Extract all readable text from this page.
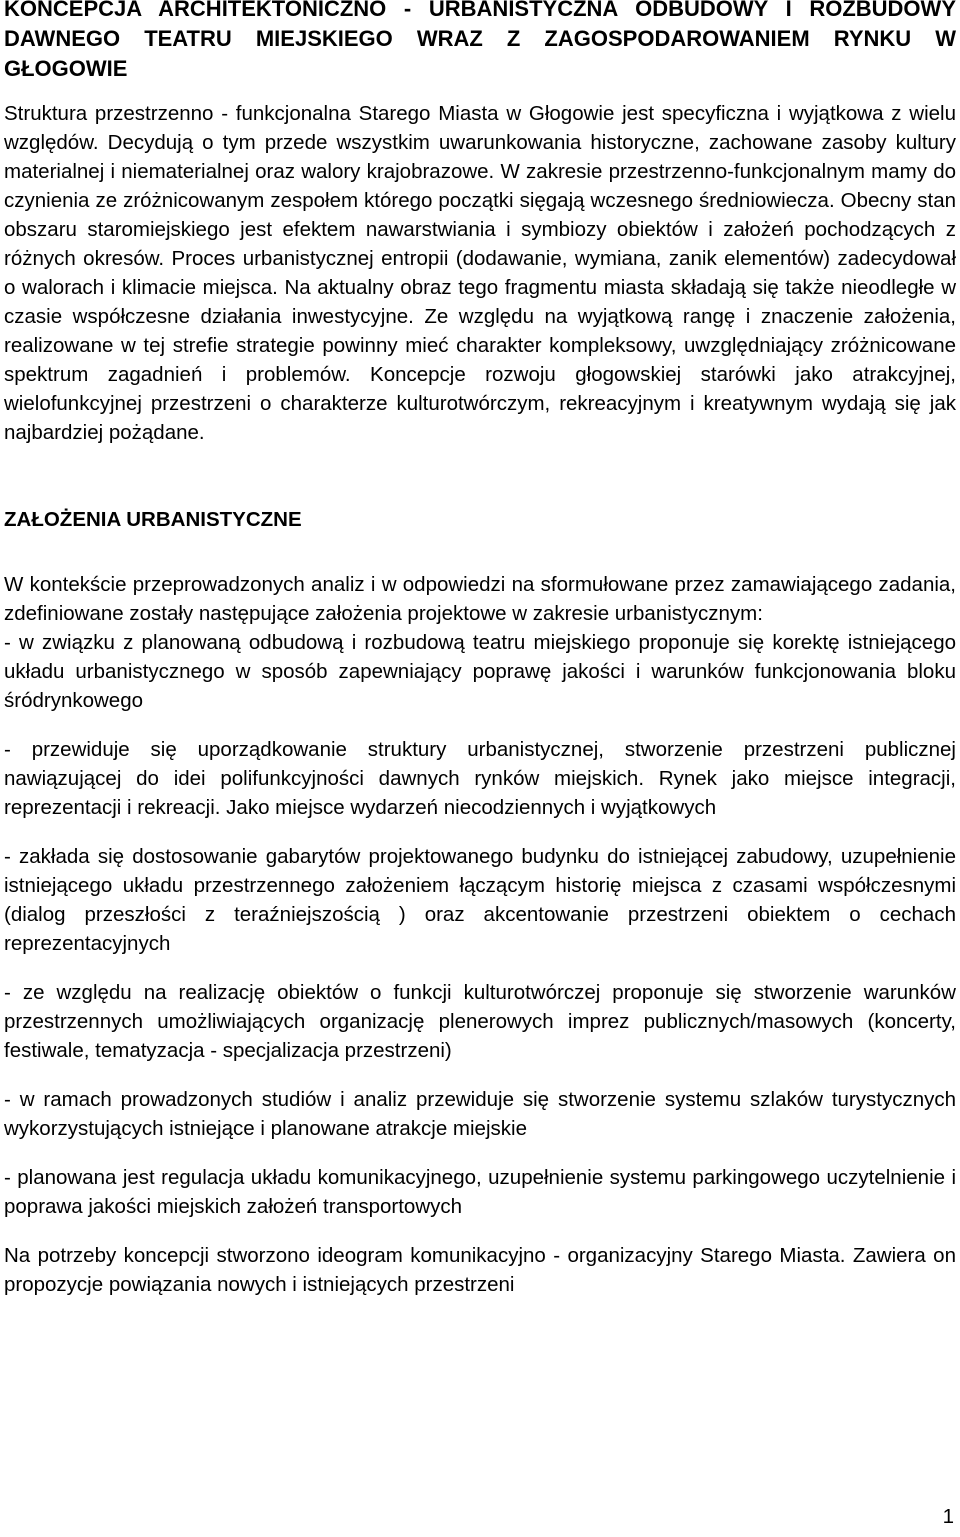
KONCEPCJA ARCHITEKTONICZNO - URBANISTYCZNA ODBUDOWY I ROZBUDOWY DAWNEGO TEATRU MIEJSKIEGO WRAZ Z ZAGOSPODAROWANIEM RYNKU W GŁOGOWIE

Struktura przestrzenno - funkcjonalna Starego Miasta w Głogowie jest specyficzna i wyjątkowa z wielu względów. Decydują o tym przede wszystkim uwarunkowania historyczne, zachowane zasoby kultury materialnej i niematerialnej oraz walory krajobrazowe. W zakresie przestrzenno-funkcjonalnym mamy do czynienia ze zróżnicowanym zespołem którego początki sięgają wczesnego średniowiecza. Obecny stan obszaru staromiejskiego jest efektem nawarstwiania i symbiozy obiektów i założeń pochodzących z różnych okresów. Proces urbanistycznej entropii (dodawanie, wymiana, zanik elementów) zadecydował o walorach i klimacie miejsca. Na aktualny obraz tego fragmentu miasta składają się także nieodległe w czasie współczesne działania inwestycyjne. Ze względu na wyjątkową rangę i znaczenie założenia, realizowane w tej strefie strategie powinny mieć charakter kompleksowy, uwzględniający zróżnicowane spektrum zagadnień i problemów. Koncepcje rozwoju głogowskiej starówki jako atrakcyjnej, wielofunkcyjnej przestrzeni o charakterze kulturotwórczym, rekreacyjnym i kreatywnym wydają się jak najbardziej pożądane.

ZAŁOŻENIA URBANISTYCZNE

W kontekście przeprowadzonych analiz i w odpowiedzi na sformułowane przez zamawiającego zadania, zdefiniowane zostały następujące założenia projektowe w zakresie urbanistycznym:

- w związku z planowaną odbudową i rozbudową teatru miejskiego proponuje się korektę istniejącego układu urbanistycznego w sposób zapewniający poprawę jakości i warunków funkcjonowania bloku śródrynkowego

- przewiduje się uporządkowanie struktury urbanistycznej, stworzenie przestrzeni publicznej nawiązującej do idei polifunkcyjności dawnych rynków miejskich. Rynek jako miejsce integracji, reprezentacji i rekreacji. Jako miejsce wydarzeń niecodziennych i wyjątkowych

- zakłada się dostosowanie gabarytów projektowanego budynku do istniejącej zabudowy, uzupełnienie istniejącego układu przestrzennego założeniem łączącym historię miejsca z czasami współczesnymi (dialog przeszłości z teraźniejszością ) oraz akcentowanie przestrzeni obiektem o cechach reprezentacyjnych

- ze względu na realizację obiektów o funkcji kulturotwórczej proponuje się stworzenie warunków przestrzennych umożliwiających organizację plenerowych imprez publicznych/masowych (koncerty, festiwale, tematyzacja - specjalizacja przestrzeni)

- w ramach prowadzonych studiów i analiz przewiduje się stworzenie systemu szlaków turystycznych wykorzystujących istniejące i planowane atrakcje miejskie

- planowana jest regulacja układu komunikacyjnego, uzupełnienie systemu parkingowego uczytelnienie i poprawa jakości miejskich założeń transportowych

Na potrzeby koncepcji stworzono ideogram komunikacyjno - organizacyjny Starego Miasta. Zawiera on propozycje powiązania nowych i istniejących przestrzeni

1
